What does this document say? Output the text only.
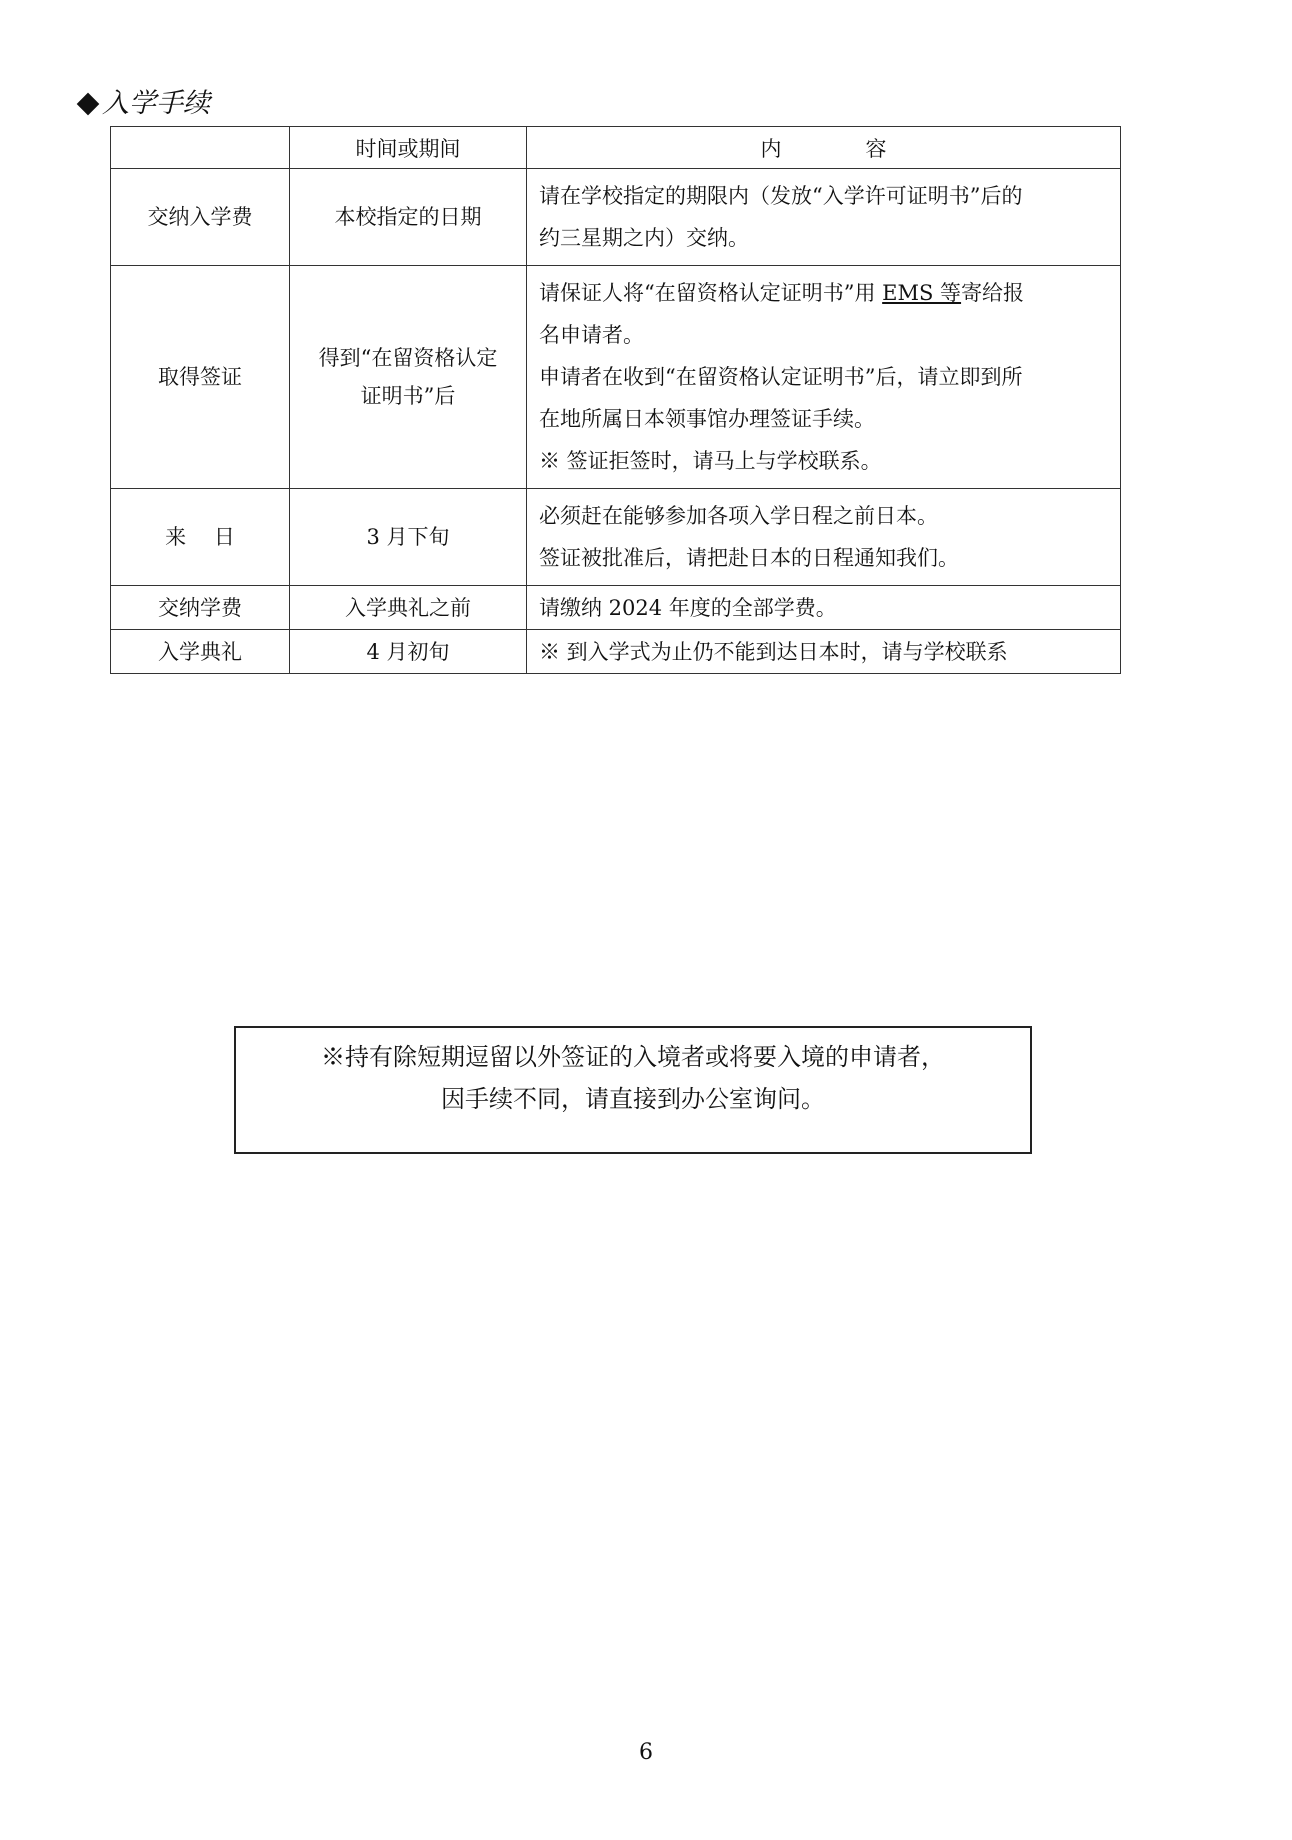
入学手续
	时间或期间	内　　　　容
交纳入学费	本校指定的日期	请在学校指定的期限内（发放“入学许可证明书”后的
约三星期之内）交纳。

取得签证	得到“在留资格认定
证明书”后	请保证人将“在留资格认定证明书”用 EMS 等寄给报
名申请者。
申请者在收到“在留资格认定证明书”后，请立即到所
在地所属日本领事馆办理签证手续。
※ 签证拒签时，请马上与学校联系。

来　 日	3 月下旬	必须赶在能够参加各项入学日程之前日本。
签证被批准后，请把赴日本的日程通知我们。

交纳学费	入学典礼之前	请缴纳 2024 年度的全部学费。

入学典礼	4 月初旬	※ 到入学式为止仍不能到达日本时，请与学校联系
※持有除短期逗留以外签证的入境者或将要入境的申请者，
因手续不同，请直接到办公室询问。
6
